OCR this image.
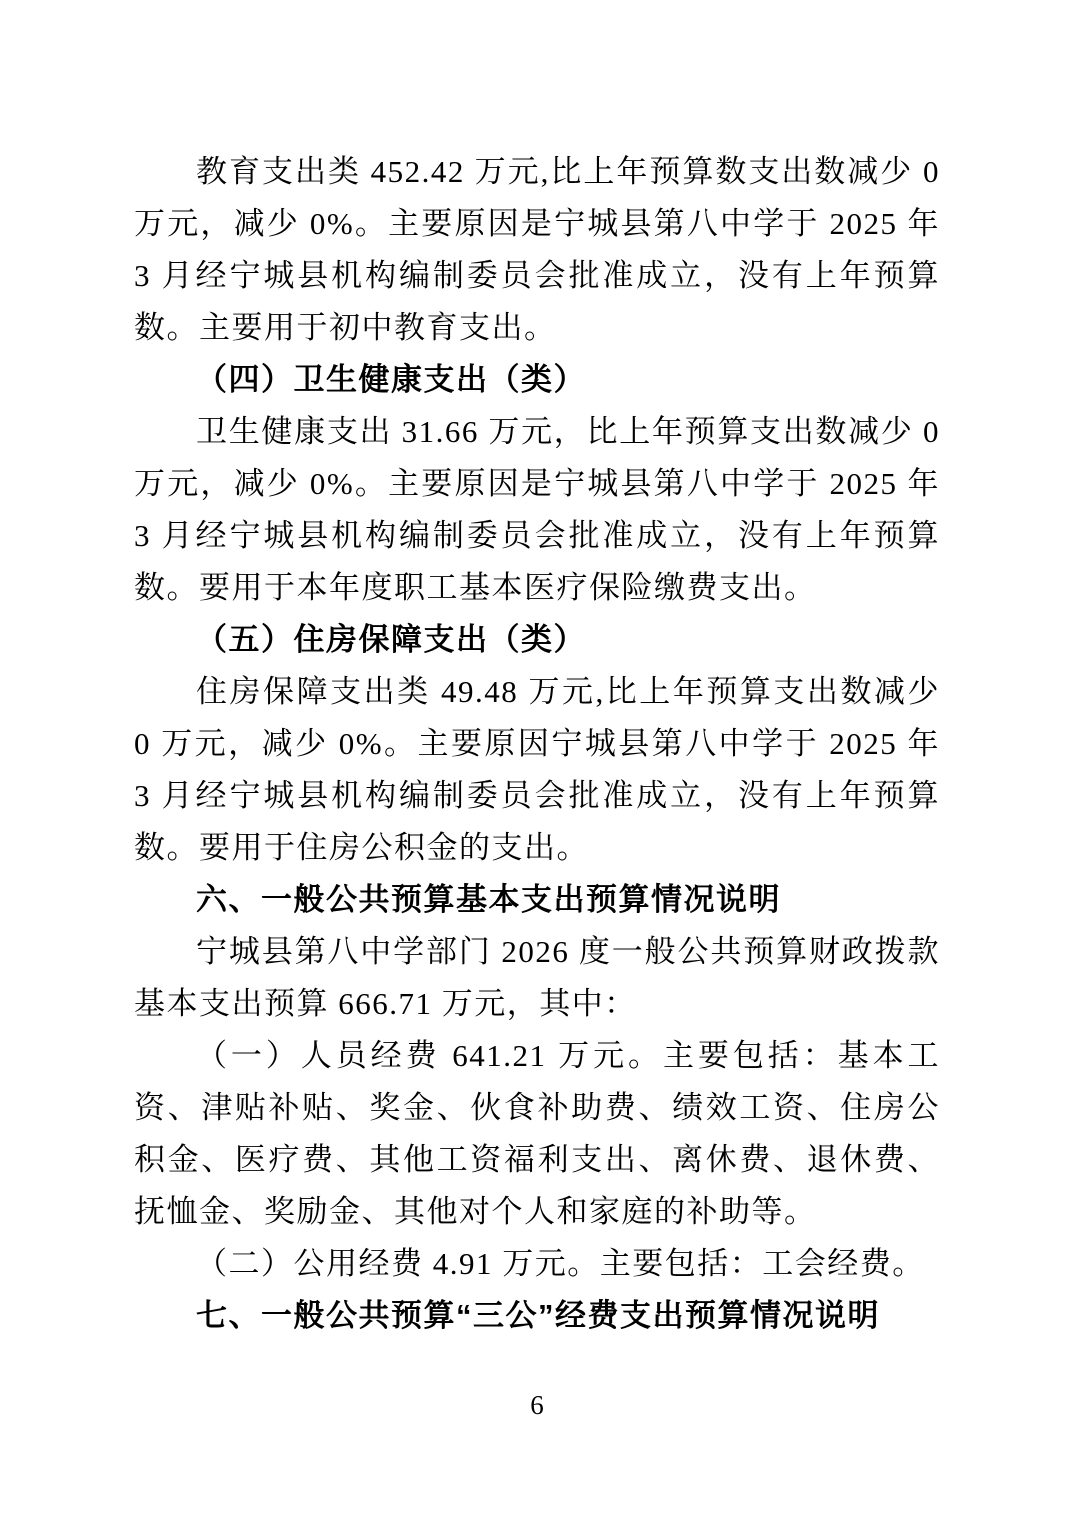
教育支出类 452.42 万元,比上年预算数支出数减少 0 万元，减少 0%。主要原因是宁城县第八中学于 2025 年 3 月经宁城县机构编制委员会批准成立，没有上年预算数。主要用于初中教育支出。

（四）卫生健康支出（类）

卫生健康支出 31.66 万元，比上年预算支出数减少 0 万元，减少 0%。主要原因是宁城县第八中学于 2025 年 3 月经宁城县机构编制委员会批准成立，没有上年预算数。要用于本年度职工基本医疗保险缴费支出。

（五）住房保障支出（类）

住房保障支出类 49.48 万元,比上年预算支出数减少 0 万元，减少 0%。主要原因宁城县第八中学于 2025 年 3 月经宁城县机构编制委员会批准成立，没有上年预算数。要用于住房公积金的支出。

六、一般公共预算基本支出预算情况说明

宁城县第八中学部门 2026 度一般公共预算财政拨款基本支出预算 666.71 万元，其中：

（一）人员经费 641.21 万元。主要包括：基本工资、津贴补贴、奖金、伙食补助费、绩效工资、住房公积金、医疗费、其他工资福利支出、离休费、退休费、抚恤金、奖励金、其他对个人和家庭的补助等。

（二）公用经费 4.91 万元。主要包括：工会经费。

七、一般公共预算“三公”经费支出预算情况说明

6
